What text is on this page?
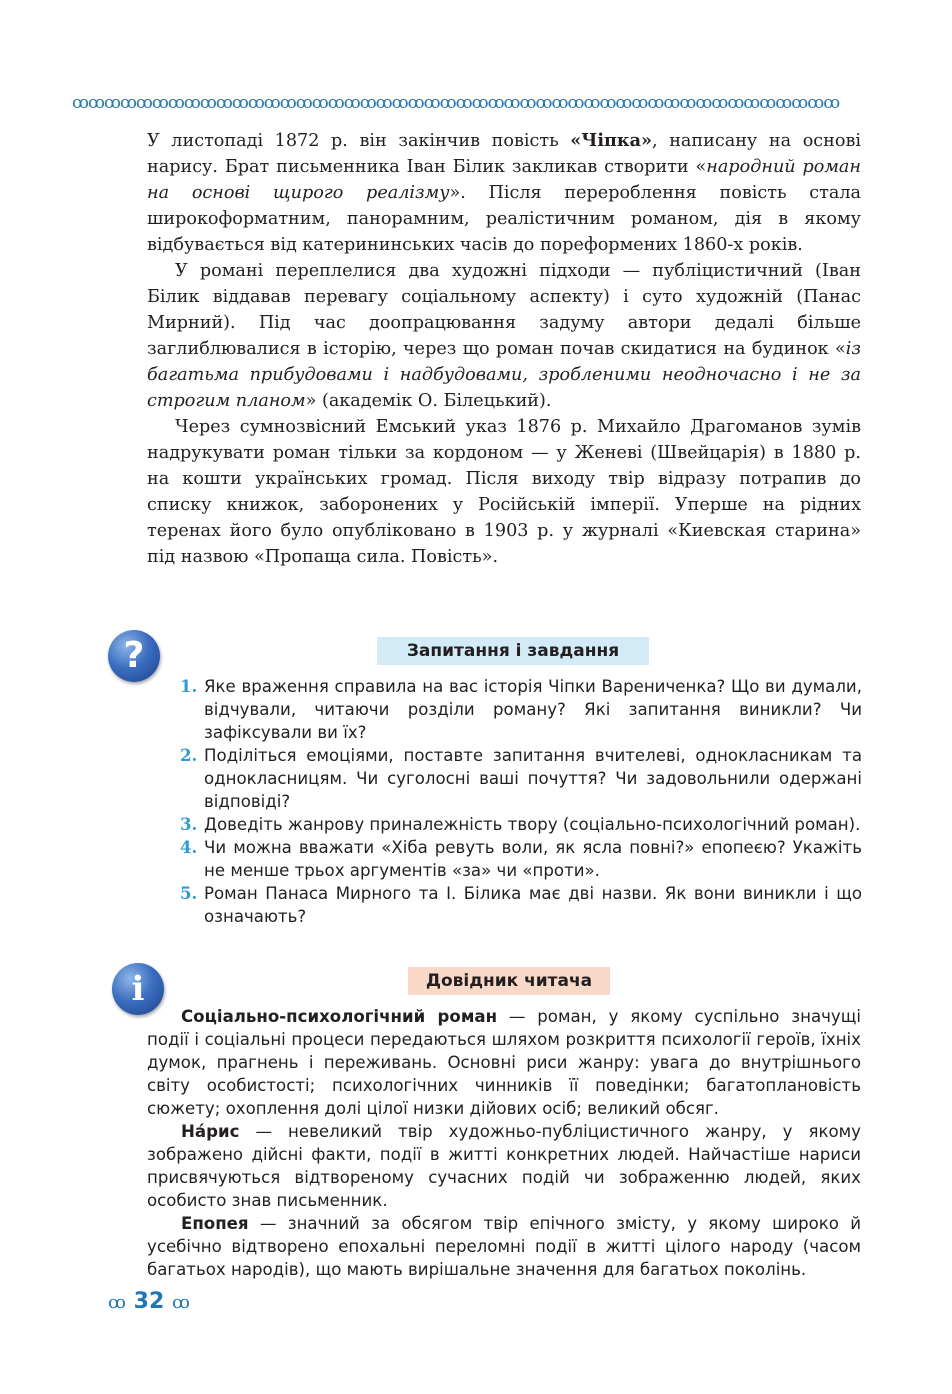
ꝏꝏꝏꝏꝏꝏꝏꝏꝏꝏꝏꝏꝏꝏꝏꝏꝏꝏꝏꝏꝏꝏꝏꝏꝏꝏꝏꝏꝏꝏꝏꝏꝏꝏꝏꝏꝏꝏꝏꝏꝏꝏꝏꝏꝏꝏꝏꝏ

У листопаді 1872 р. він закінчив повість «Чіпка», написану на основі нарису. Брат письменника Іван Білик закликав створити «народний роман на основі щирого реалізму». Після перероблення повість стала широкоформатним, панорамним, реалістичним романом, дія в якому відбувається від катерининських часів до пореформених 1860-х років.

У романі переплелися два художні підходи — публіцистичний (Іван Білик віддавав перевагу соціальному аспекту) і суто художній (Панас Мирний). Під час доопрацювання задуму автори дедалі більше заглиблювалися в історію, через що роман почав скидатися на будинок «із багатьма прибудовами і надбудовами, зробленими неодночасно і не за строгим планом» (академік О. Білецький).

Через сумнозвісний Емський указ 1876 р. Михайло Драгоманов зумів надрукувати роман тільки за кордоном — у Женеві (Швейцарія) в 1880 р. на кошти українських громад. Після виходу твір відразу потрапив до списку книжок, заборонених у Російській імперії. Уперше на рідних теренах його було опубліковано в 1903 р. у журналі «Киевская старина» під назвою «Пропаща сила. Повість».

?	Запитання і завдання
1. Яке враження справила на вас історія Чіпки Варениченка? Що ви думали, відчували, читаючи розділи роману? Які запитання виникли? Чи зафіксували ви їх?
2. Поділіться емоціями, поставте запитання вчителеві, однокласникам та однокласницям. Чи суголосні ваші почуття? Чи задовольнили одержані відповіді?
3. Доведіть жанрову приналежність твору (соціально-психологічний роман).
4. Чи можна вважати «Хіба ревуть воли, як ясла повні?» епопеєю? Укажіть не менше трьох аргументів «за» чи «проти».
5. Роман Панаса Мирного та І. Білика має дві назви. Як вони виникли і що означають?
i	Довідник читача

Соціально-психологічний роман — роман, у якому суспільно значущі події і соціальні процеси передаються шляхом розкриття психології героїв, їхніх думок, прагнень і переживань. Основні риси жанру: увага до внутрішнього світу особистості; психологічних чинників її поведінки; багатоплановість сюжету; охоплення долі цілої низки дійових осіб; великий обсяг.

На́рис — невеликий твір художньо-публіцистичного жанру, у якому зображено дійсні факти, події в житті конкретних людей. Найчастіше нариси присвячуються відтвореному сучасних подій чи зображенню людей, яких особисто знав письменник.

Епопея — значний за обсягом твір епічного змісту, у якому широко й усебічно відтворено епохальні переломні події в житті цілого народу (часом багатьох народів), що мають вирішальне значення для багатьох поколінь.

ꝏ 32 ꝏ
